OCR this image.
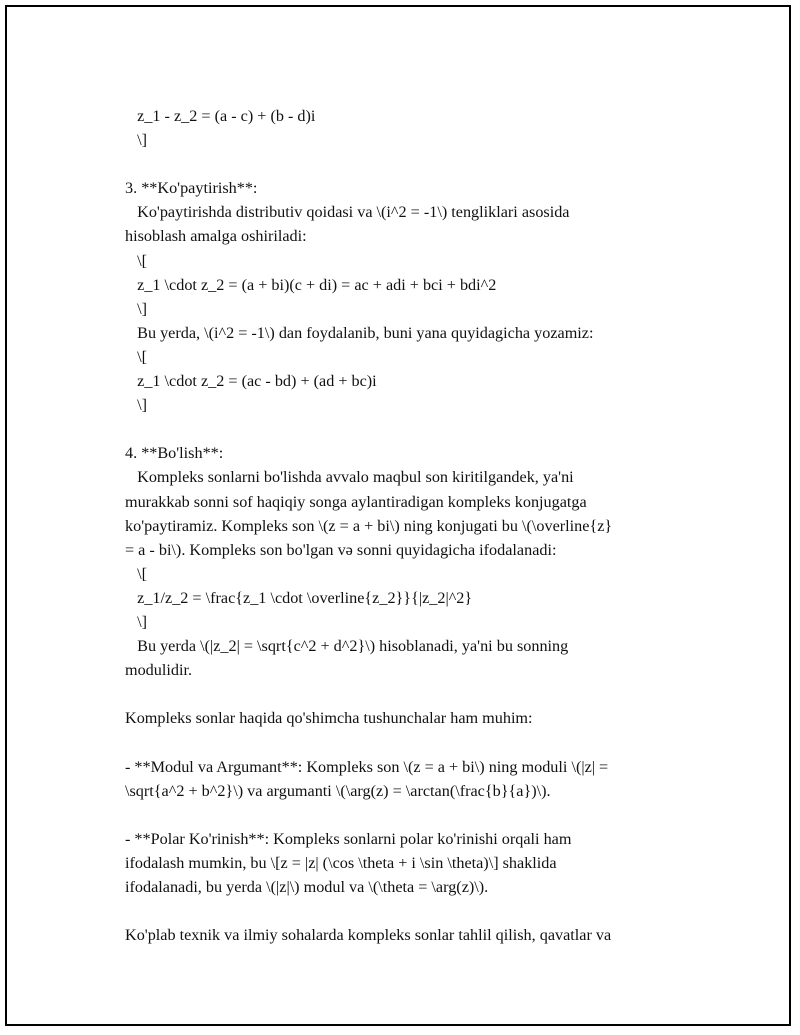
z_1 - z_2 = (a - c) + (b - d)i
\]
3. **Ko'paytirish**:
Ko'paytirishda distributiv qoidasi va \(i^2 = -1\) tengliklari asosida
hisoblash amalga oshiriladi:
\[
z_1 \cdot z_2 = (a + bi)(c + di) = ac + adi + bci + bdi^2
\]
Bu yerda, \(i^2 = -1\) dan foydalanib, buni yana quyidagicha yozamiz:
\[
z_1 \cdot z_2 = (ac - bd) + (ad + bc)i
\]
4. **Bo'lish**:
Kompleks sonlarni bo'lishda avvalo maqbul son kiritilgandek, ya'ni
murakkab sonni sof haqiqiy songa aylantiradigan kompleks konjugatga
ko'paytiramiz. Kompleks son \(z = a + bi\) ning konjugati bu \(\overline{z}
= a - bi\). Kompleks son bo'lgan və sonni quyidagicha ifodalanadi:
\[
z_1/z_2 = \frac{z_1 \cdot \overline{z_2}}{|z_2|^2}
\]
Bu yerda \(|z_2| = \sqrt{c^2 + d^2}\) hisoblanadi, ya'ni bu sonning
modulidir.
Kompleks sonlar haqida qo'shimcha tushunchalar ham muhim:
- **Modul va Argumant**: Kompleks son \(z = a + bi\) ning moduli \(|z| =
\sqrt{a^2 + b^2}\) va argumanti \(\arg(z) = \arctan(\frac{b}{a})\).
- **Polar Ko'rinish**: Kompleks sonlarni polar ko'rinishi orqali ham
ifodalash mumkin, bu \[z = |z| (\cos \theta + i \sin \theta)\] shaklida
ifodalanadi, bu yerda \(|z|\) modul va \(\theta = \arg(z)\).
Ko'plab texnik va ilmiy sohalarda kompleks sonlar tahlil qilish, qavatlar va
